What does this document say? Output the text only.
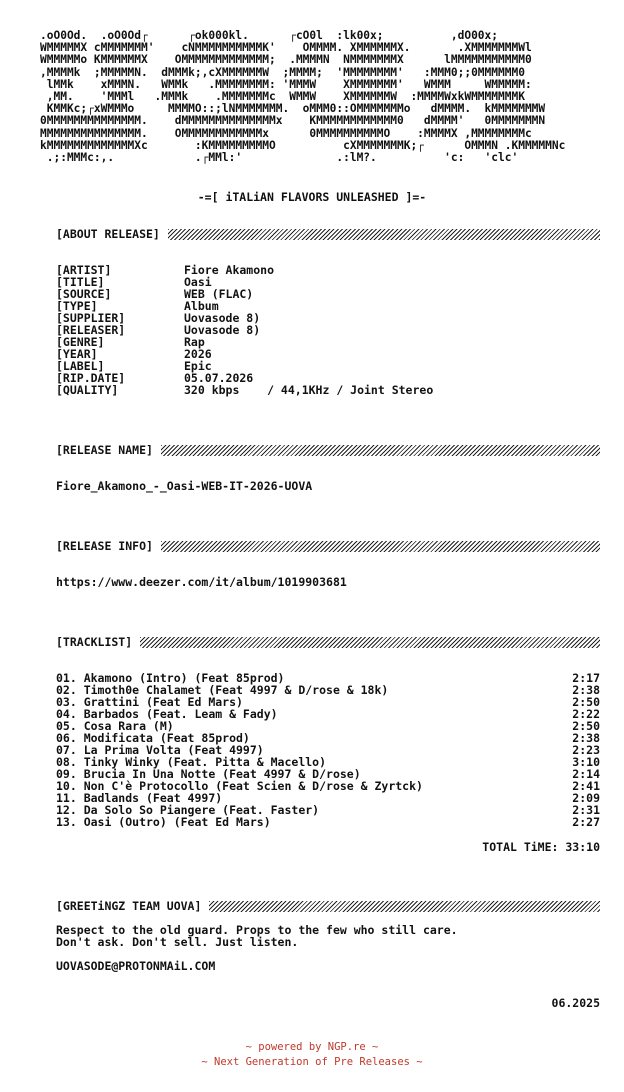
.oO0Od.  .oO0Od┌      ┌ok000kl.      ┌cO0l  :lk00x;          ,dO00x;
WMMMMMX cMMMMMMM'    cNMMMMMMMMMMK'    OMMMM. XMMMMMMX.       .XMMMMMMMWl
WMMMMMo KMMMMMMX    OMMMMMMMMMMMMM;  .MMMMN  NMMMMMMMX      lMMMMMMMMMMM0
,MMMMk  ;MMMMMN.  dMMMk;,cXMMMMMMW  ;MMMM;  'MMMMMMMM'   :MMM0;;0MMMMMM0
lMMk    xMMMN.   WMMk   .MMMMMMMM: 'MMMW    XMMMMMMM'   WMMM     WMMMMM:
,MM.    'MMMl   .MMMk    .MMMMMMMc  WMMW    XMMMMMMW  :MMMMWxkWMMMMMMMK
KMMKc;┌xWMMMo     MMMMO::;lNMMMMMMM.  oMMM0::OMMMMMMMo   dMMMM.  kMMMMMMMW
0MMMMMMMMMMMMMM.    dMMMMMMMMMMMMMMx    KMMMMMMMMMMMM0   dMMMM'   0MMMMMMMN
MMMMMMMMMMMMMMM.    OMMMMMMMMMMMMx      0MMMMMMMMMMO    :MMMMX ,MMMMMMMMc
kMMMMMMMMMMMMMXc       :KMMMMMMMMMO          cXMMMMMMMK;┌      OMMMN .KMMMMMNc
.;:MMMc:,.            .┌MMl:'              .:lM?.          'c:   'clc'
-=[ iTALiAN FLAVORS UNLEASHED ]=-
[ABOUT RELEASE]
[ARTIST]	Fiore Akamono
[TITLE]	Oasi
[SOURCE]	WEB (FLAC)
[TYPE]	Album
[SUPPLIER]	Uovasode 8)
[RELEASER]	Uovasode 8)
[GENRE]	Rap
[YEAR]	2026
[LABEL]	Epic
[RIP.DATE]	05.07.2026
[QUALITY]	320 kbps    / 44,1KHz / Joint Stereo
[RELEASE NAME]
Fiore_Akamono_-_Oasi-WEB-IT-2026-UOVA
[RELEASE INFO]
https://www.deezer.com/it/album/1019903681
[TRACKLIST]
01. Akamono (Intro) (Feat 85prod)	2:17
02. Timoth0e Chalamet (Feat 4997 & D/rose & 18k)	2:38
03. Grattini (Feat Ed Mars)	2:50
04. Barbados (Feat. Leam & Fady)	2:22
05. Cosa Rara (M)	2:50
06. Modificata (Feat 85prod)	2:38
07. La Prima Volta (Feat 4997)	2:23
08. Tinky Winky (Feat. Pitta & Macello)	3:10
09. Brucia In Una Notte (Feat 4997 & D/rose)	2:14
10. Non C'è Protocollo (Feat Scien & D/rose & Zyrtck)	2:41
11. Badlands (Feat 4997)	2:09
12. Da Solo So Piangere (Feat. Faster)	2:31
13. Oasi (Outro) (Feat Ed Mars)	2:27
TOTAL TiME: 33:10
[GREETiNGZ TEAM UOVA]
Respect to the old guard. Props to the few who still care.
Don't ask. Don't sell. Just listen.
UOVASODE@PROTONMAiL.COM
06.2025
~ powered by NGP.re ~
~ Next Generation of Pre Releases ~
